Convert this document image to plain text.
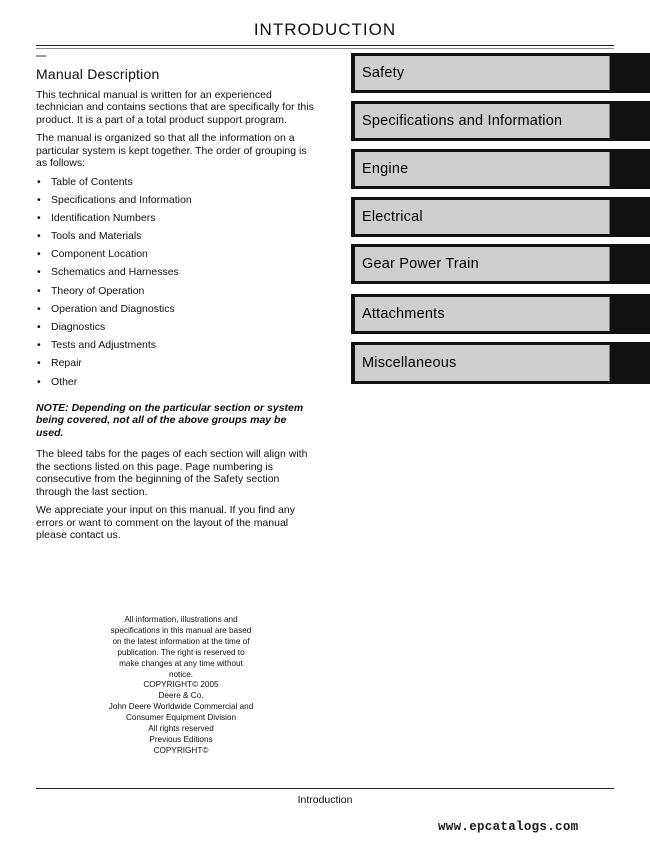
INTRODUCTION
Manual Description

This technical manual is written for an experienced technician and contains sections that are specifically for this product. It is a part of a total product support program.

The manual is organized so that all the information on a particular system is kept together. The order of grouping is as follows:

• Table of Contents
• Specifications and Information
• Identification Numbers
• Tools and Materials
• Component Location
• Schematics and Harnesses
• Theory of Operation
• Operation and Diagnostics
• Diagnostics
• Tests and Adjustments
• Repair
• Other

NOTE: Depending on the particular section or system being covered, not all of the above groups may be used.

The bleed tabs for the pages of each section will align with the sections listed on this page. Page numbering is consecutive from the beginning of the Safety section through the last section.

We appreciate your input on this manual. If you find any errors or want to comment on the layout of the manual please contact us.

All information, illustrations and
specifications in this manual are based
on the latest information at the time of
publication. The right is reserved to
make changes at any time without
notice.
COPYRIGHT© 2005
Deere & Co.
John Deere Worldwide Commercial and
Consumer Equipment Division
All rights reserved
Previous Editions
COPYRIGHT©
Safety
Specifications and Information
Engine
Electrical
Gear Power Train
Attachments
Miscellaneous
Introduction
www.epcatalogs.com
